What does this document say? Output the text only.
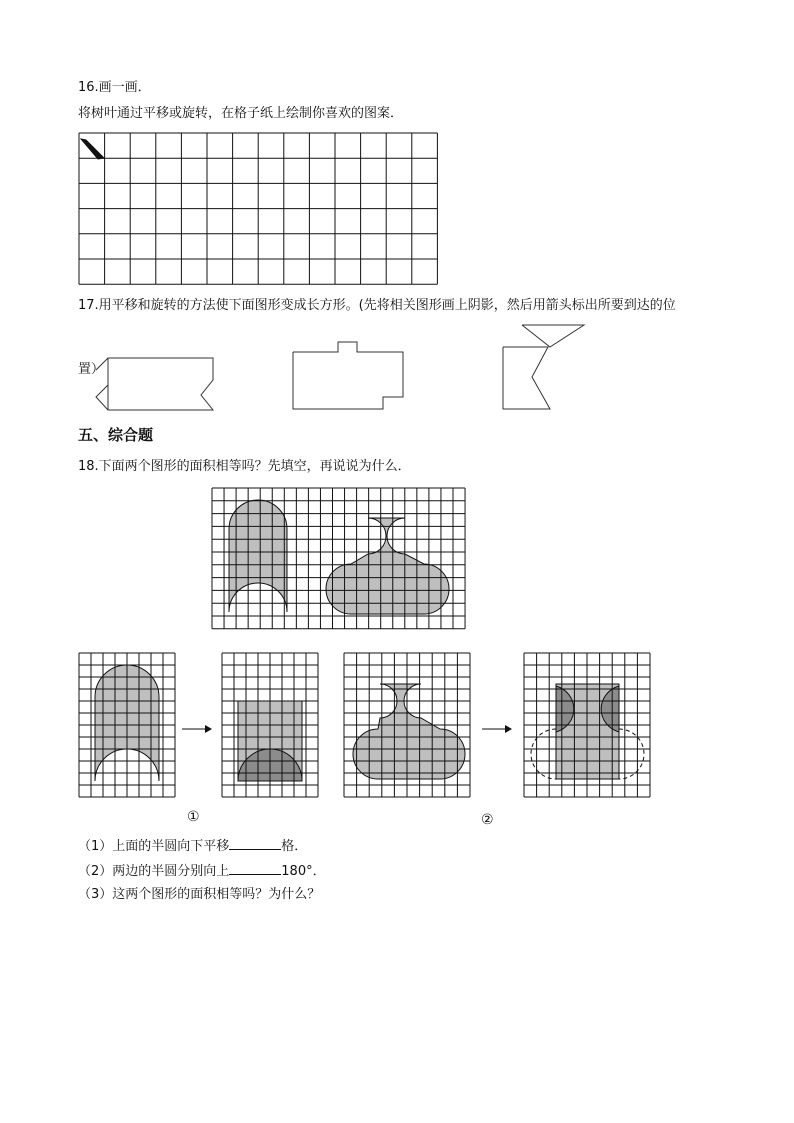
16.画一画．
将树叶通过平移或旋转，在格子纸上绘制你喜欢的图案．
17.用平移和旋转的方法使下面图形变成长方形。(先将相关图形画上阴影，然后用箭头标出所要到达的位
置）
五、综合题
18.下面两个图形的面积相等吗？先填空，再说说为什么．
①	②
（1）上面的半圆向下平移	格．
（2）两边的半圆分别向上	180°．
（3）这两个图形的面积相等吗？为什么？
